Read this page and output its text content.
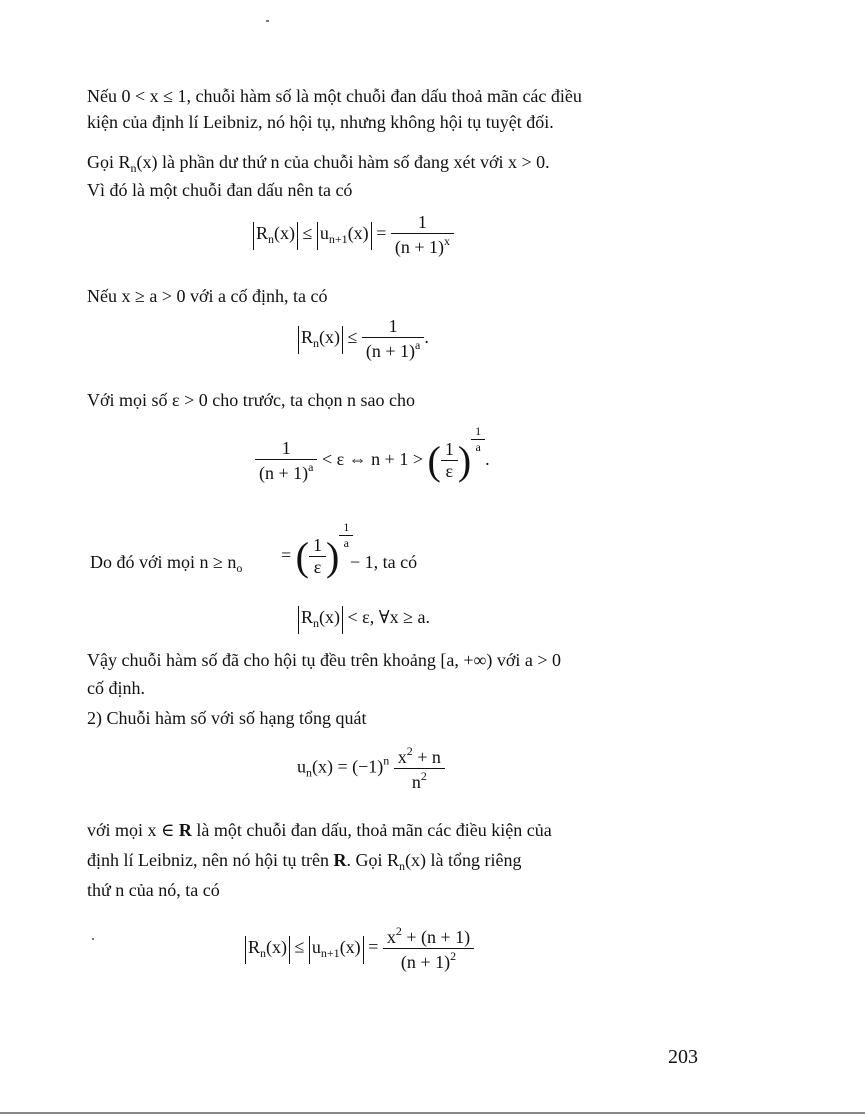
Nếu 0 < x ≤ 1, chuỗi hàm số là một chuỗi đan dấu thoả mãn các điều
kiện của định lí Leibniz, nó hội tụ, nhưng không hội tụ tuyệt đối.
Gọi $R_n(x)$ là phần dư thứ n của chuỗi hàm số đang xét với x > 0.
Vì đó là một chuỗi đan dấu nên ta có
$R_n(x) \le u_{n+1}(x) = \frac{1}{(n + 1)^x}$
Nếu x ≥ a > 0 với a cố định, ta có
$R_n(x) \le \frac{1}{(n + 1)^a}$ .
Với mọi số ε > 0 cho trước, ta chọn n sao cho
$\frac{1}{(n + 1)^a} < \varepsilon$ ⇔ n + 1 > ( $\frac{1}{\varepsilon}$ ) $\frac{1}{a}$
.
Do đó với mọi $n \ge n_o$
= ( $\frac{1}{\varepsilon}$ ) $\frac{1}{a}$
− 1, ta có
$R_n(x) < \varepsilon$, ∀x ≥ a.
Vậy chuỗi hàm số đã cho hội tụ đều trên khoảng [a, +∞) với a > 0
cố định.
2) Chuỗi hàm số với số hạng tổng quát
$u_n(x) = (-1)^n \frac{x^2 + n}{n^2}$
với mọi x ∈ R là một chuỗi đan dấu, thoả mãn các điều kiện của
định lí Leibniz, nên nó hội tụ trên R. Gọi $R_n(x)$ là tổng riêng
thứ n của nó, ta có
$R_n(x) \le u_{n+1}(x) = \frac{x^2 + (n + 1)}{(n + 1)^2}$
203
